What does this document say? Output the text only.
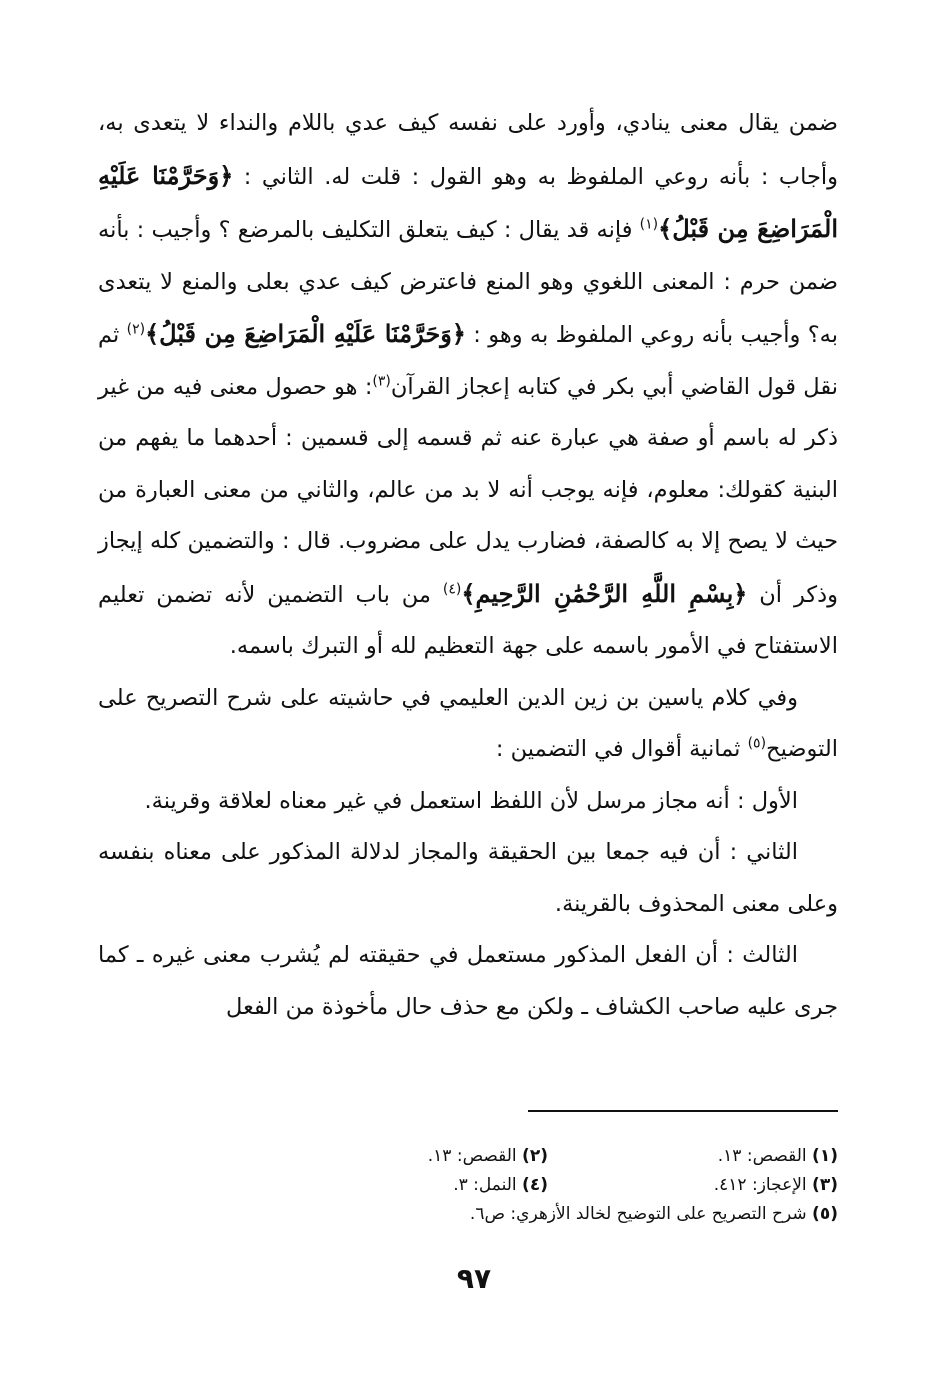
ضمن يقال معنى ينادي، وأورد على نفسه كيف عدي باللام والنداء لا يتعدى به، وأجاب : بأنه روعي الملفوظ به وهو القول : قلت له. الثاني : ﴿وَحَرَّمْنَا عَلَيْهِ الْمَرَاضِعَ مِن قَبْلُ﴾$^{(١)}$ فإنه قد يقال : كيف يتعلق التكليف بالمرضع ؟ وأجيب : بأنه ضمن حرم : المعنى اللغوي وهو المنع فاعترض كيف عدي بعلى والمنع لا يتعدى به؟ وأجيب بأنه روعي الملفوظ به وهو : ﴿وَحَرَّمْنَا عَلَيْهِ الْمَرَاضِعَ مِن قَبْلُ﴾$^{(٢)}$ ثم نقل قول القاضي أبي بكر في كتابه إعجاز القرآن$^{(٣)}$: هو حصول معنى فيه من غير ذكر له باسم أو صفة هي عبارة عنه ثم قسمه إلى قسمين : أحدهما ما يفهم من البنية كقولك: معلوم، فإنه يوجب أنه لا بد من عالم، والثاني من معنى العبارة من حيث لا يصح إلا به كالصفة، فضارب يدل على مضروب. قال : والتضمين كله إيجاز وذكر أن ﴿بِسْمِ اللَّهِ الرَّحْمَٰنِ الرَّحِيمِ﴾$^{(٤)}$ من باب التضمين لأنه تضمن تعليم الاستفتاح في الأمور باسمه على جهة التعظيم لله أو التبرك باسمه.

وفي كلام ياسين بن زين الدين العليمي في حاشيته على شرح التصريح على التوضيح$^{(٥)}$ ثمانية أقوال في التضمين :

الأول : أنه مجاز مرسل لأن اللفظ استعمل في غير معناه لعلاقة وقرينة.

الثاني : أن فيه جمعا بين الحقيقة والمجاز لدلالة المذكور على معناه بنفسه وعلى معنى المحذوف بالقرينة.

الثالث : أن الفعل المذكور مستعمل في حقيقته لم يُشرب معنى غيره ـ كما جرى عليه صاحب الكشاف ـ ولكن مع حذف حال مأخوذة من الفعل

(١) القصص: ١٣.
(٢) القصص: ١٣.
(٣) الإعجاز: ٤١٢.
(٤) النمل: ٣.
(٥) شرح التصريح على التوضيح لخالد الأزهري: ص٦.
٩٧
